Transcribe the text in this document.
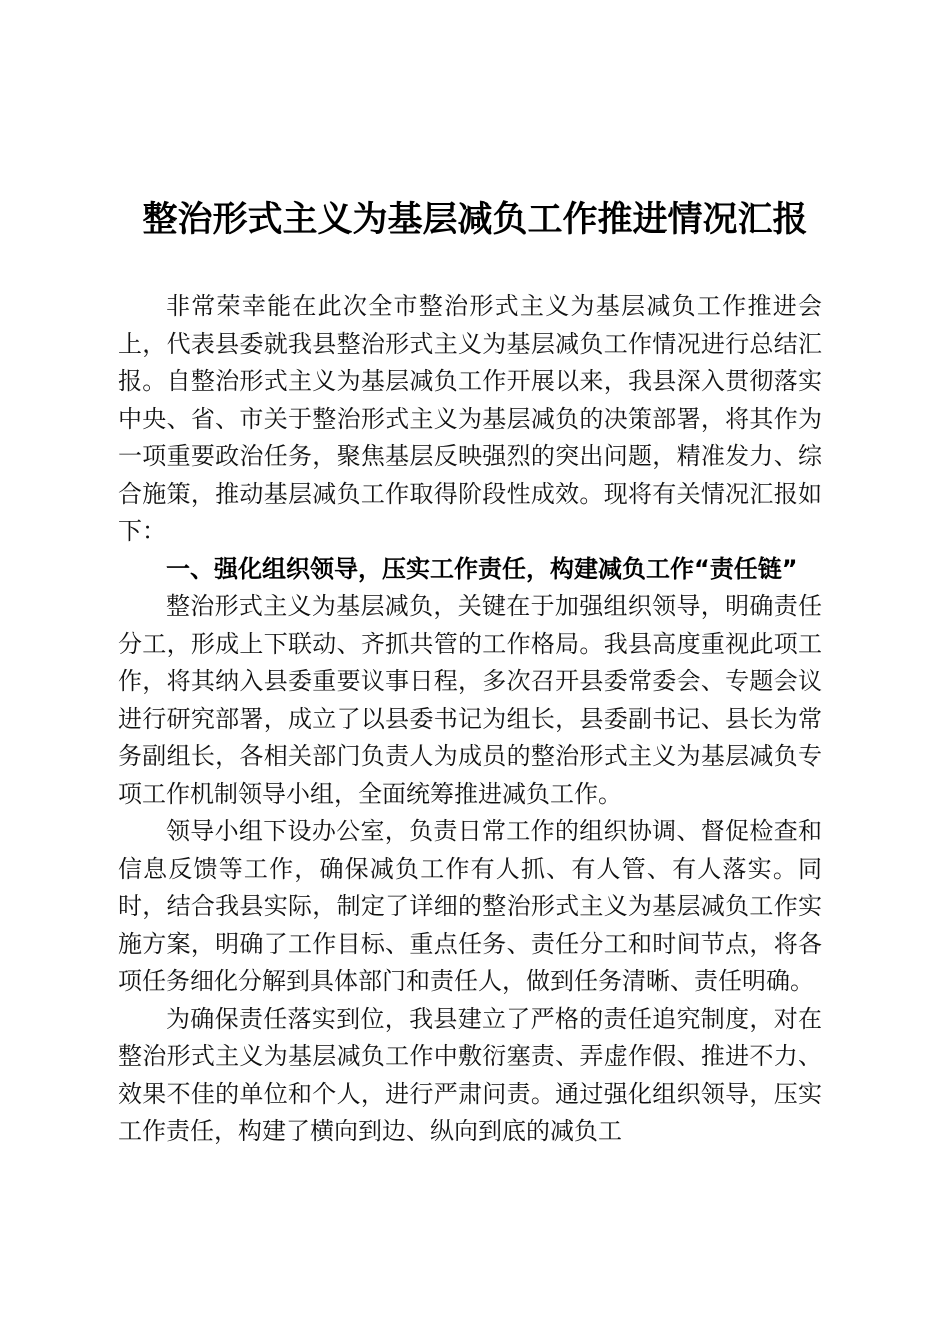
整治形式主义为基层减负工作推进情况汇报

非常荣幸能在此次全市整治形式主义为基层减负工作推进会上，代表县委就我县整治形式主义为基层减负工作情况进行总结汇报。自整治形式主义为基层减负工作开展以来，我县深入贯彻落实中央、省、市关于整治形式主义为基层减负的决策部署，将其作为一项重要政治任务，聚焦基层反映强烈的突出问题，精准发力、综合施策，推动基层减负工作取得阶段性成效。现将有关情况汇报如下：

一、强化组织领导，压实工作责任，构建减负工作“责任链”

整治形式主义为基层减负，关键在于加强组织领导，明确责任分工，形成上下联动、齐抓共管的工作格局。我县高度重视此项工作，将其纳入县委重要议事日程，多次召开县委常委会、专题会议进行研究部署，成立了以县委书记为组长，县委副书记、县长为常务副组长，各相关部门负责人为成员的整治形式主义为基层减负专项工作机制领导小组，全面统筹推进减负工作。

领导小组下设办公室，负责日常工作的组织协调、督促检查和信息反馈等工作，确保减负工作有人抓、有人管、有人落实。同时，结合我县实际，制定了详细的整治形式主义为基层减负工作实施方案，明确了工作目标、重点任务、责任分工和时间节点，将各项任务细化分解到具体部门和责任人，做到任务清晰、责任明确。

为确保责任落实到位，我县建立了严格的责任追究制度，对在整治形式主义为基层减负工作中敷衍塞责、弄虚作假、推进不力、效果不佳的单位和个人，进行严肃问责。通过强化组织领导，压实工作责任，构建了横向到边、纵向到底的减负工
